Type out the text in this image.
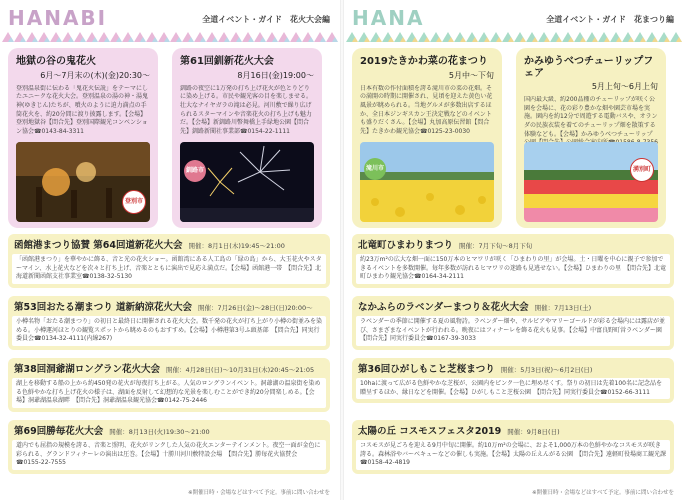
HANABI	全道イベント・ガイド　花火大会編
地獄の谷の鬼花火
6月〜7月末の(木)(金)20:30〜
登別温泉街に伝わる「鬼花火伝説」をテーマにしたユニークな花火大会。登別温泉の湯の神・湯鬼神(ゆきじん)たちが、噴火のように迫力満点の手筒花火を、約20分間に渡り披露します。【会場】登別地獄谷【問合先】登別国際観光コンベンション協会☎0143-84-3311
登別市
第61回釧新花火大会
8月16日(金)19:00〜
釧路の夜空に1万発の打ち上げ花火が色とりどりに染め上げる。市民や観光客の目を楽しませる。壮大なナイヤガラの滝は必見。河川敷で繰り広げられるスターマインや音楽花火の打ち上げも魅力だ。【会場】新釧路川幣舞橋上手緑地公園【問合先】釧路新聞社事業部☎0154-22-1111
釧路市
函館港まつり協賛 第64回道新花火大会 開催：8月1日(木)19:45〜21:00
「函館港まつり」を華やかに飾る、音と光の花火ショー。函館湾にある人工島の「緑の島」から、大玉花火やスターマイン、水上花火などを次々と打ち上げ、音楽とともに演出で見応え満点だ。【会場】函館港一帯　【問合先】北海道新聞函館支社事業室☎0138-32-5130
第53回おたる潮まつり 道新納涼花火大会 開催：7月26日(金)〜28日(日)20:00〜
小樽名物「おたる潮まつり」の初日と最終日に開催される花火大会。数千発の花火が打ち上がり小樽の街並みを染める。小樽運河ほとりの観覧スポットから眺めるのもおすすめ。【会場】小樽港第3号ふ頭基部　【問合先】同実行委員会☎0134-32-4111(内線267)
第38回洞爺湖ロングラン花火大会 開催：4月28日(日)〜10月31日(木)20:45〜21:05
湖上を移動する船の上から約450発の花火が毎夜打ち上がる。人気のロングランイベント。洞爺湖の温泉街を染める色鮮やかな打ち上げ花火の様子は、湖面を反射して幻想的な光景を楽しむことができ約20分間楽しめる。【会場】洞爺湖温泉湖畔　【問合先】洞爺湖温泉観光協会☎0142-75-2446
第69回勝毎花火大会 開催：8月13日(火)19:30〜21:00
道内でも屈指の規模を誇る、音楽と照明、花火がリンクした人気の花火エンターテインメント。夜空一面が金色に彩られる、グランドフィナーレの演出は圧巻。【会場】十勝川河川敷特設会場　【問合先】勝毎花火協賛会☎0155-22-7555
※開催日時・会場などはすべて予定。事前に問い合わせを
HANA	全道イベント・ガイド　花まつり編
2019たきかわ菜の花まつり
5月中〜下旬
日本有数の作付面積を誇る滝川市の菜の花畑。その満開の時期に開催され、見頃を迎えた黄色い花風景が眺められる。当地グルメが多数出店するほか、全日本ジンギスカン王決定戦などのイベントも盛りだくさん。【会場】丸加高原伝習館【問合先】たきかわ観光協会☎0125-23-0030
滝川市
かみゆうべつチューリップフェア
5月上旬〜6月上旬
国内最大級、約200品種のチューリップが咲く公園を会場に、花の彩り豊かな畑や園芸市場を実施。園内を約12分で周遊する電動バスや、オランダの民族衣装を着てのチューリップ畑を散策する体験なども。【会場】かみゆうべつチューリップ
湧別町
北竜町ひまわりまつり 開催：7月下旬〜8月下旬
約23万m²の広大な畑一面に150万本のヒマワリが咲く「ひまわりの里」が会場。土・日曜を中心に親子で参加できるイベントを多数開催。毎年多数が訪れるヒマワリの迷路も見逃せない。【会場】ひまわりの里　【問合先】北竜町ひまわり観光協会☎0164-34-2111
なかふらのラベンダーまつり＆花火大会 開催：7月13日(土)
ラベンダーの季節に開催する夏の風物詩。ラベンダー畑や、サルビアやマリーゴールドが彩る会場内には露店が並び、さまざまなイベントが行われる。晩夜にはフィナーレを飾る花火も見事。【会場】中富良野町営ラベンダー園　【問合先】同実行委員会☎0167-39-3033
第36回ひがしもこと芝桜まつり 開催：5月3日(祝)〜6月2日(日)
10haに渡って広がる色鮮やかな芝桜が、公園内をピンク一色に埋め尽くす。祭りの初日は先着100名に記念品を贈呈するほか、縁日などを開催。【会場】ひがしもこと芝桜公園　【問合先】同実行委員会☎0152-66-3111
太陽の丘 コスモスフェスタ2019 開催：9月8日(日)
コスモスが見ごろを迎える9月中旬に開催。約10万m²の会場に、およそ1,000万本の色鮮やかなコスモスが咲き誇る。森林浴やバーベキューなどの催しも実施。【会場】太陽の丘えんがる公園　【問合先】遠軽町役場商工観光課☎0158-42-4819
※開催日時・会場などはすべて予定。事前に問い合わせを
